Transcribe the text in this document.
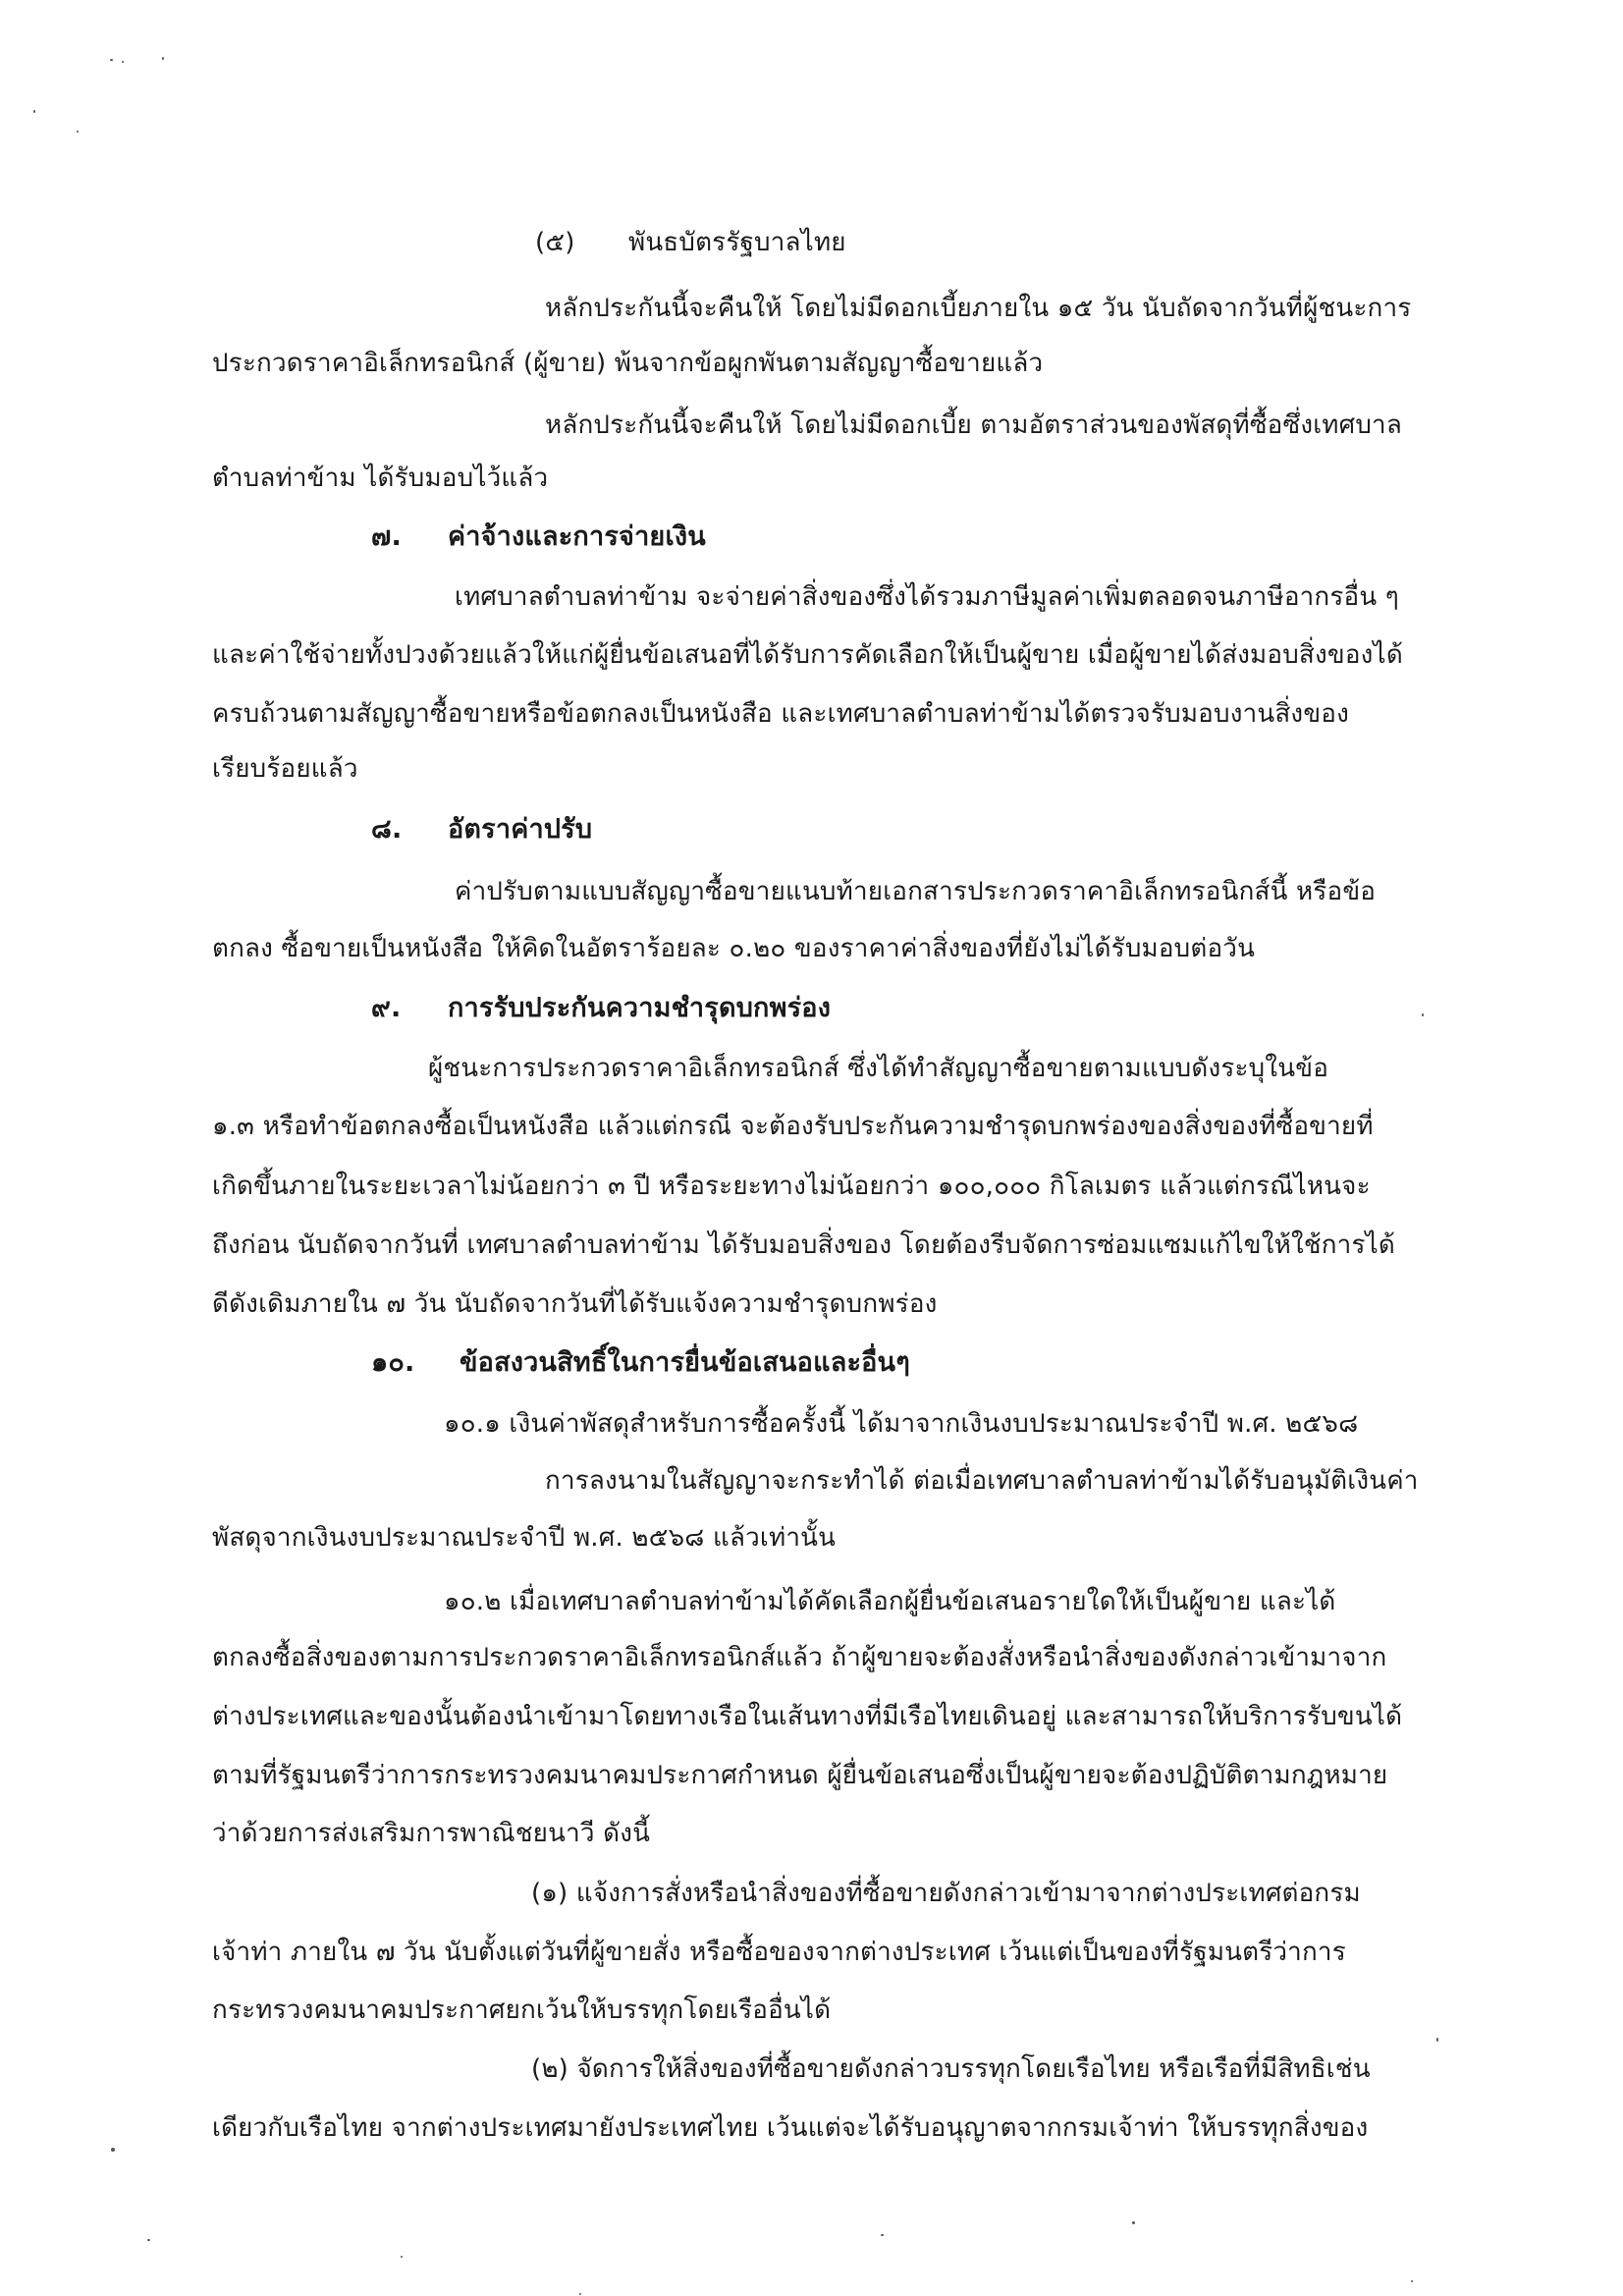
(๕) พันธบัตรรัฐบาลไทย
หลักประกันนี้จะคืนให้ โดยไม่มีดอกเบี้ยภายใน ๑๕ วัน นับถัดจากวันที่ผู้ชนะการ
ประกวดราคาอิเล็กทรอนิกส์ (ผู้ขาย) พ้นจากข้อผูกพันตามสัญญาซื้อขายแล้ว
หลักประกันนี้จะคืนให้ โดยไม่มีดอกเบี้ย ตามอัตราส่วนของพัสดุที่ซื้อซึ่งเทศบาล
ตำบลท่าข้าม ได้รับมอบไว้แล้ว
๗. ค่าจ้างและการจ่ายเงิน
เทศบาลตำบลท่าข้าม จะจ่ายค่าสิ่งของซึ่งได้รวมภาษีมูลค่าเพิ่มตลอดจนภาษีอากรอื่น ๆ
และค่าใช้จ่ายทั้งปวงด้วยแล้วให้แก่ผู้ยื่นข้อเสนอที่ได้รับการคัดเลือกให้เป็นผู้ขาย เมื่อผู้ขายได้ส่งมอบสิ่งของได้
ครบถ้วนตามสัญญาซื้อขายหรือข้อตกลงเป็นหนังสือ และเทศบาลตำบลท่าข้ามได้ตรวจรับมอบงานสิ่งของ
เรียบร้อยแล้ว
๘. อัตราค่าปรับ
ค่าปรับตามแบบสัญญาซื้อขายแนบท้ายเอกสารประกวดราคาอิเล็กทรอนิกส์นี้ หรือข้อ
ตกลง ซื้อขายเป็นหนังสือ ให้คิดในอัตราร้อยละ ๐.๒๐ ของราคาค่าสิ่งของที่ยังไม่ได้รับมอบต่อวัน
๙. การรับประกันความชำรุดบกพร่อง
ผู้ชนะการประกวดราคาอิเล็กทรอนิกส์ ซึ่งได้ทำสัญญาซื้อขายตามแบบดังระบุในข้อ
๑.๓ หรือทำข้อตกลงซื้อเป็นหนังสือ แล้วแต่กรณี จะต้องรับประกันความชำรุดบกพร่องของสิ่งของที่ซื้อขายที่
เกิดขึ้นภายในระยะเวลาไม่น้อยกว่า ๓ ปี หรือระยะทางไม่น้อยกว่า ๑๐๐,๐๐๐ กิโลเมตร แล้วแต่กรณีไหนจะ
ถึงก่อน นับถัดจากวันที่ เทศบาลตำบลท่าข้าม ได้รับมอบสิ่งของ โดยต้องรีบจัดการซ่อมแซมแก้ไขให้ใช้การได้
ดีดังเดิมภายใน ๗ วัน นับถัดจากวันที่ได้รับแจ้งความชำรุดบกพร่อง
๑๐. ข้อสงวนสิทธิ์ในการยื่นข้อเสนอและอื่นๆ
๑๐.๑ เงินค่าพัสดุสำหรับการซื้อครั้งนี้ ได้มาจากเงินงบประมาณประจำปี พ.ศ. ๒๕๖๘
การลงนามในสัญญาจะกระทำได้ ต่อเมื่อเทศบาลตำบลท่าข้ามได้รับอนุมัติเงินค่า
พัสดุจากเงินงบประมาณประจำปี พ.ศ. ๒๕๖๘ แล้วเท่านั้น
๑๐.๒ เมื่อเทศบาลตำบลท่าข้ามได้คัดเลือกผู้ยื่นข้อเสนอรายใดให้เป็นผู้ขาย และได้
ตกลงซื้อสิ่งของตามการประกวดราคาอิเล็กทรอนิกส์แล้ว ถ้าผู้ขายจะต้องสั่งหรือนำสิ่งของดังกล่าวเข้ามาจาก
ต่างประเทศและของนั้นต้องนำเข้ามาโดยทางเรือในเส้นทางที่มีเรือไทยเดินอยู่ และสามารถให้บริการรับขนได้
ตามที่รัฐมนตรีว่าการกระทรวงคมนาคมประกาศกำหนด ผู้ยื่นข้อเสนอซึ่งเป็นผู้ขายจะต้องปฏิบัติตามกฎหมาย
ว่าด้วยการส่งเสริมการพาณิชยนาวี ดังนี้
(๑) แจ้งการสั่งหรือนำสิ่งของที่ซื้อขายดังกล่าวเข้ามาจากต่างประเทศต่อกรม
เจ้าท่า ภายใน ๗ วัน นับตั้งแต่วันที่ผู้ขายสั่ง หรือซื้อของจากต่างประเทศ เว้นแต่เป็นของที่รัฐมนตรีว่าการ
กระทรวงคมนาคมประกาศยกเว้นให้บรรทุกโดยเรืออื่นได้
(๒) จัดการให้สิ่งของที่ซื้อขายดังกล่าวบรรทุกโดยเรือไทย หรือเรือที่มีสิทธิเช่น
เดียวกับเรือไทย จากต่างประเทศมายังประเทศไทย เว้นแต่จะได้รับอนุญาตจากกรมเจ้าท่า ให้บรรทุกสิ่งของ
